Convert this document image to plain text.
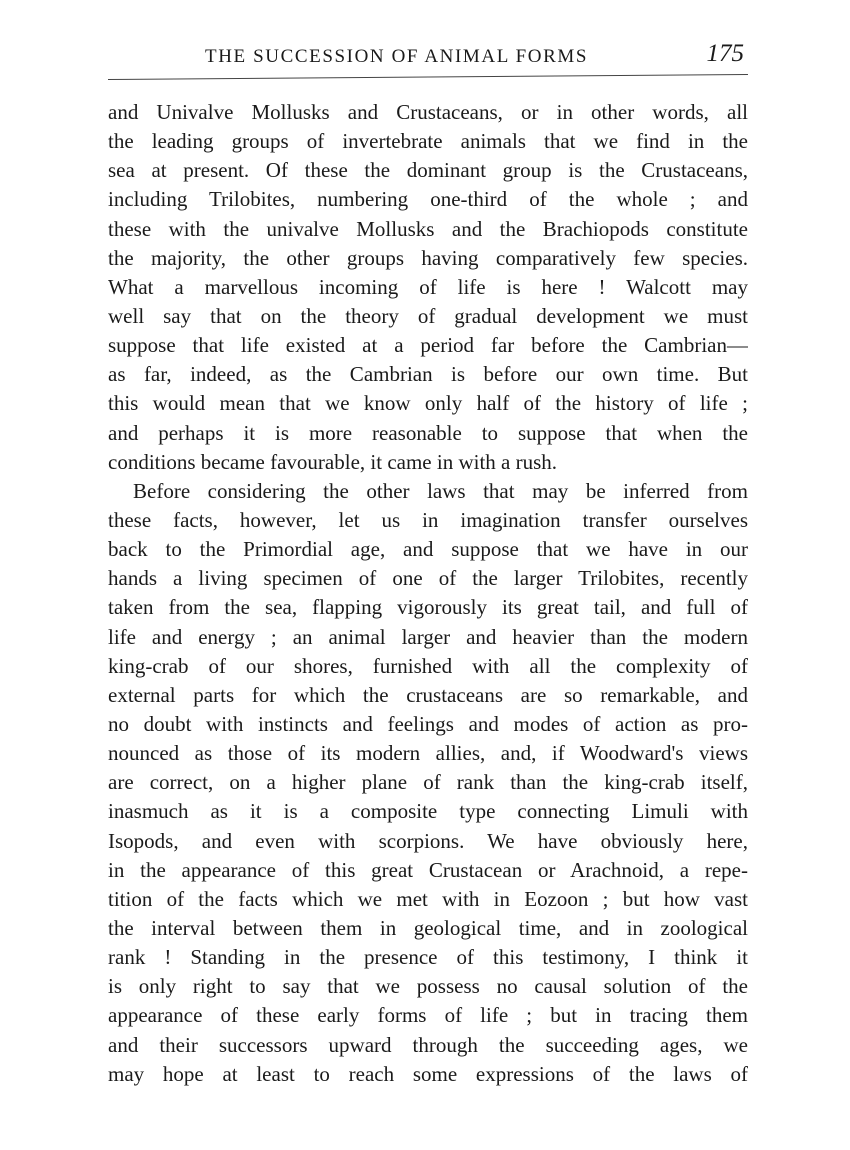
THE SUCCESSION OF ANIMAL FORMS	175
and Univalve Mollusks and Crustaceans, or in other words, all
the leading groups of invertebrate animals that we find in the
sea at present. Of these the dominant group is the Crustaceans,
including Trilobites, numbering one-third of the whole ; and
these with the univalve Mollusks and the Brachiopods constitute
the majority, the other groups having comparatively few species.
What a marvellous incoming of life is here ! Walcott may
well say that on the theory of gradual development we must
suppose that life existed at a period far before the Cambrian—
as far, indeed, as the Cambrian is before our own time. But
this would mean that we know only half of the history of life ;
and perhaps it is more reasonable to suppose that when the
conditions became favourable, it came in with a rush.
Before considering the other laws that may be inferred from
these facts, however, let us in imagination transfer ourselves
back to the Primordial age, and suppose that we have in our
hands a living specimen of one of the larger Trilobites, recently
taken from the sea, flapping vigorously its great tail, and full of
life and energy ; an animal larger and heavier than the modern
king-crab of our shores, furnished with all the complexity of
external parts for which the crustaceans are so remarkable, and
no doubt with instincts and feelings and modes of action as pro-
nounced as those of its modern allies, and, if Woodward's views
are correct, on a higher plane of rank than the king-crab itself,
inasmuch as it is a composite type connecting Limuli with
Isopods, and even with scorpions. We have obviously here,
in the appearance of this great Crustacean or Arachnoid, a repe-
tition of the facts which we met with in Eozoon ; but how vast
the interval between them in geological time, and in zoological
rank ! Standing in the presence of this testimony, I think it
is only right to say that we possess no causal solution of the
appearance of these early forms of life ; but in tracing them
and their successors upward through the succeeding ages, we
may hope at least to reach some expressions of the laws of
